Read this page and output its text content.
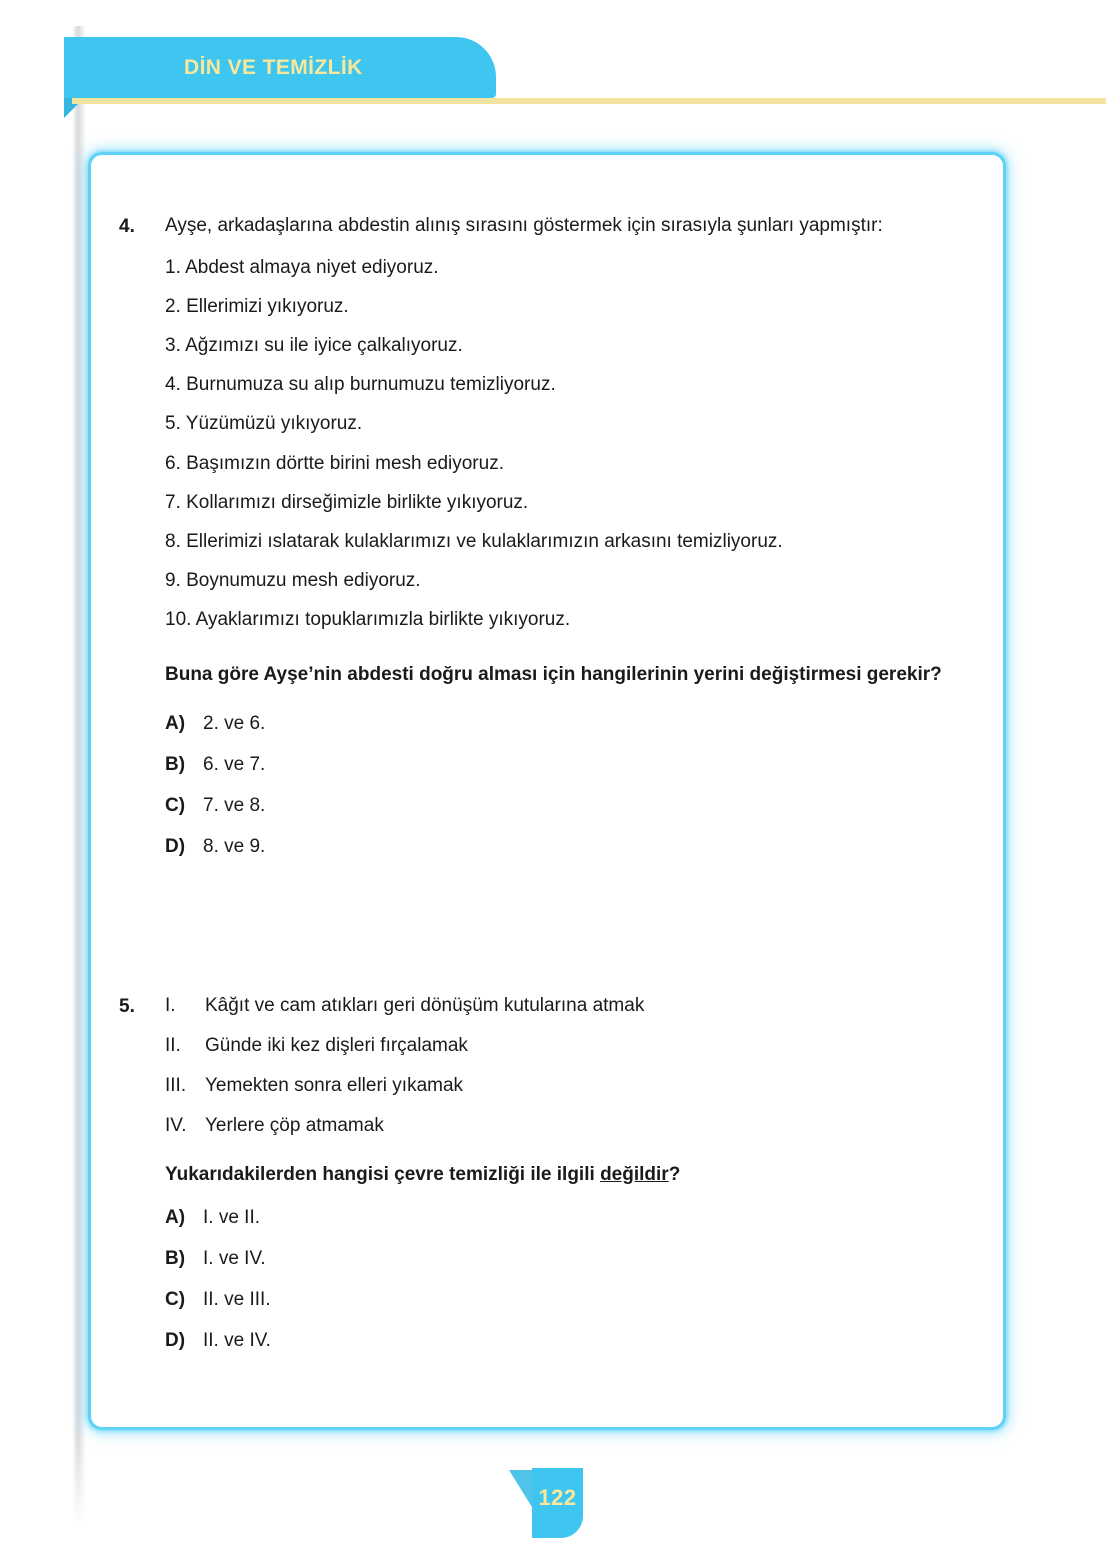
DİN VE TEMİZLİK
4.	Ayşe, arkadaşlarına abdestin alınış sırasını göstermek için sırasıyla şunları yapmıştır:

1. Abdest almaya niyet ediyoruz.
2. Ellerimizi yıkıyoruz.
3. Ağzımızı su ile iyice çalkalıyoruz.
4. Burnumuza su alıp burnumuzu temizliyoruz.
5. Yüzümüzü yıkıyoruz.
6. Başımızın dörtte birini mesh ediyoruz.
7. Kollarımızı dirseğimizle birlikte yıkıyoruz.
8. Ellerimizi ıslatarak kulaklarımızı ve kulaklarımızın arkasını temizliyoruz.
9. Boynumuzu mesh ediyoruz.
10. Ayaklarımızı topuklarımızla birlikte yıkıyoruz.

Buna göre Ayşe’nin abdesti doğru alması için hangilerinin yerini değiştirmesi gerekir?

A) 2. ve 6.
B) 6. ve 7.
C) 7. ve 8.
D) 8. ve 9.
5.	I.	Kâğıt ve cam atıkları geri dönüşüm kutularına atmak
II.	Günde iki kez dişleri fırçalamak
III. Yemekten sonra elleri yıkamak
IV. Yerlere çöp atmamak

Yukarıdakilerden hangisi çevre temizliği ile ilgili değildir?

A) I. ve II.
B) I. ve IV.
C) II. ve III.
D) II. ve IV.
122
